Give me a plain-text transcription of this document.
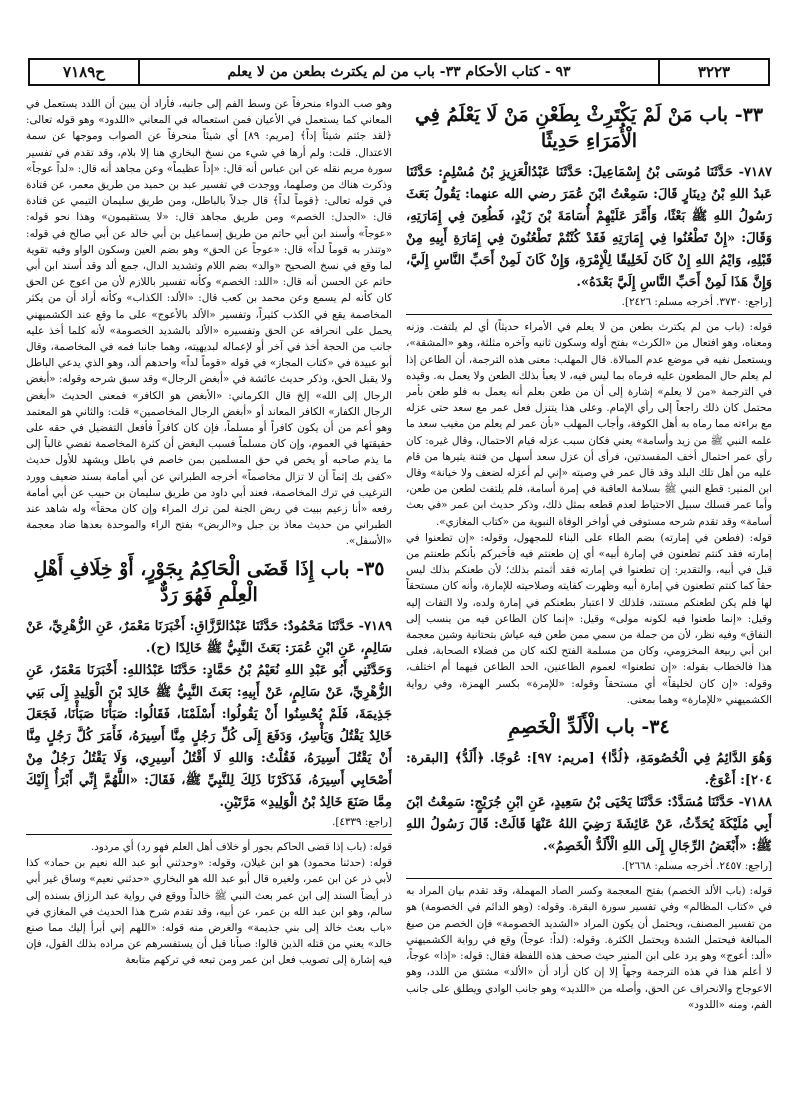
٣٢٢٣
٩٣ - كتاب الأحكام ٣٣- باب من لم يكترث بطعن من لا يعلم
ح٧١٨٩
٣٣- باب مَنْ لَمْ يَكْتَرِثْ بِطَعْنِ مَنْ لَا يَعْلَمُ فِي الْأُمَرَاءِ حَدِيثًا

٧١٨٧- حَدَّثَنَا مُوسَى بْنُ إِسْمَاعِيلَ: حَدَّثَنَا عَبْدُالْعَزِيزِ بْنُ مُسْلِمٍ: حَدَّثَنَا عَبدُ اللهِ بْنُ دِينَارٍ قَالَ: سَمِعْتُ ابْنَ عُمَرَ رضي الله عنهما: يَقُولُ بَعَثَ رَسُولُ اللهِ ﷺ بَعْثًا، وَأَمَّرَ عَلَيْهِمْ أُسَامَةَ بْنَ زَيْدٍ، فَطُعِنَ فِي إِمَارَتِهِ، وَقَالَ: «إِنْ تَطْعُنُوا فِي إِمَارَتِهِ فَقَدْ كُنْتُمْ تَطْعُنُونَ فِي إِمَارَةِ أَبِيهِ مِنْ قَبْلِهِ، وَايْمُ اللهِ إِنْ كَانَ لَخَلِيقًا لِلْإِمْرَةِ، وَإِنْ كَانَ لَمِنْ أَحَبِّ النَّاسِ إِلَيَّ، وَإِنَّ هَذَا لَمِنْ أَحَبِّ النَّاسِ إِلَيَّ بَعْدَهُ».

[راجع: ٣٧٣٠. أخرجه مسلم: ٢٤٢٦].

قوله: (باب من لم يكترث بطعن من لا يعلم في الأمراء حديثاً) أي لم يلتفت. وزنه ومعناه، وهو افتعال من «الكرث» بفتح أوله وسكون ثانيه وآخره مثلثة، وهو «المشقة»، ويستعمل نفيه في موضع عدم المبالاة. قال المهلب: معنى هذه الترجمة، أن الطاعن إذا لم يعلم حال المطعون عليه فرماه بما ليس فيه، لا يعبأ بذلك الطعن ولا يعمل به. وقيده في الترجمة «من لا يعلم» إشارة إلى أن من طعن بعلم أنه يعمل به فلو طعن بأمر محتمل كان ذلك راجعاً إلى رأي الإمام. وعلى هذا يتنزل فعل عمر مع سعد حتى عزله مع براءته مما رماه به أهل الكوفة، وأجاب المهلب «بأن عمر لم يعلم من مغيب سعد ما علمه النبي ﷺ من زيد وأسامة» يعني فكان سبب عزله قيام الاحتمال، وقال غيره: كان رأي عمر احتمال أخف المفسدتين، فرأى أن عزل سعد أسهل من فتنة يثيرها من قام عليه من أهل تلك البلد وقد قال عمر في وصيته «إني لم أعزله لضعف ولا خيانة» وقال ابن المنير: قطع النبي ﷺ بسلامة العاقبة في إمرة أسامة، فلم يلتفت لطعن من طعن، وأما عمر فسلك سبيل الاحتياط لعدم قطعه بمثل ذلك، وذكر حديث ابن عمر «في بعث أسامة» وقد تقدم شرحه مستوفى في أواخر الوفاة النبوية من «كتاب المغازي».

قوله: (فطعن في إمارته) بضم الطاء على البناء للمجهول، وقوله: «إن تطعنوا في إمارته فقد كنتم تطعنون في إمارة أبيه» أي إن طعنتم فيه فأخبركم بأنكم طعنتم من قبل في أبيه، والتقدير: إن تطعنوا في إمارته فقد أثمتم بذلك؛ لأن طعنكم بذلك ليس حقاً كما كنتم تطعنون في إمارة أبيه وظهرت كفايته وصلاحيته للإمارة، وأنه كان مستحقاً لها فلم يكن لطعنكم مستند، فلذلك لا اعتبار بطعنكم في إمارة ولده، ولا التفات إليه وقيل: «إنما طعنوا فيه لكونه مولى» وقيل: «إنما كان الطاعن فيه من ينسب إلى النفاق» وفيه نظر، لأن من جملة من سمي ممن طعن فيه عياش بتحتانية وشين معجمة ابن أبي ربيعة المخزومي، وكان من مسلمة الفتح لكنه كان من فضلاء الصحابة، فعلى هذا فالخطاب بقوله: «إن تطعنوا» لعموم الطاعنين، الحد الطاعن فيهما أم اختلف، وقوله: «إن كان لخليقاً» أي مستحقاً وقوله: «للإمرة» بكسر الهمزة، وفي رواية الكشميهني «للإمارة» وهما بمعنى.

٣٤- باب الْأَلَدِّ الْخَصِمِ

وَهُوَ الدَّائِمُ فِي الْخُصُومَةِ، ﴿لُدًّا﴾ [مريم: ٩٧]: عُوجًا. ﴿أَلَدُّ﴾ [البقرة: ٢٠٤]: أَعْوَجُ.

٧١٨٨- حَدَّثَنَا مُسَدَّدٌ: حَدَّثَنَا يَحْيَى بْنُ سَعِيدٍ، عَنِ ابْنِ جُرَيْجٍ: سَمِعْتُ ابْنَ أَبِي مُلَيْكَةَ يُحَدِّثُ، عَنْ عَائِشَةَ رَضِيَ اللهُ عَنْهَا قَالَتْ: قَالَ رَسُولُ اللهِ ﷺ: «أَبْغَضُ الرِّجَالِ إِلَى اللهِ الْأَلَدُّ الْخَصِمُ».

[راجع: ٢٤٥٧. أخرجه مسلم: ٢٦٦٨].

قوله: (باب الألد الخصم) بفتح المعجمة وكسر الصاد المهملة، وقد تقدم بيان المراد به في «كتاب المظالم» وفي تفسير سورة البقرة. وقوله: (وهو الدائم في الخصومة) هو من تفسير المصنف، ويحتمل أن يكون المراد «الشديد الخصومة» فإن الخصم من صيغ المبالغة فيحتمل الشدة ويحتمل الكثرة. وقوله: (لداً: عوجاً) وقع في رواية الكشميهني «ألد: أعوج» وهو يرد على ابن المنير حيث صحف هذه اللفظة فقال: قوله: «إذا» عوجاً، لا أعلم هذا في هذه الترجمة وجهاً إلا إن كان أراد أن «الألد» مشتق من اللدد، وهو الاعوجاج والانحراف عن الحق، وأصله من «اللديد» وهو جانب الوادي ويطلق على جانب الفم، ومنه «اللدود»

وهو صب الدواء منحرفاً عن وسط الفم إلى جانبه، فأراد أن يبين أن اللدد يستعمل في المعاني كما يستعمل في الأعيان فمن استعماله في المعاني «اللدود» وهو قوله تعالى: ﴿لقد جئتم شيئاً إداً﴾ [مريم: ٨٩] أي شيئاً منحرفاً عن الصواب وموجها عن سمة الاعتدال. قلت: ولم أرها في شيء من نسخ البخاري هنا إلا بلام، وقد تقدم في تفسير سورة مريم نقله عن ابن عباس أنه قال: «إداً عظيماً» وعن مجاهد أنه قال: «لداً عوجاً» وذكرت هناك من وصلهما، ووجدت في تفسير عبد بن حميد من طريق معمر، عن قتادة في قوله تعالى: ﴿قوماً لداً﴾ قال جدلاً بالباطل، ومن طريق سليمان التيمي عن قتادة قال: «الجدل: الخصم» ومن طريق مجاهد قال: «لا يستقيمون» وهذا نحو قوله: «عوجاً» وأسند ابن أبي حاتم من طريق إسماعيل بن أبي خالد عن أبي صالح في قوله: «وتنذر به قوماً لداً» قال: «عوجاً عن الحق» وهو بضم العين وسكون الواو وفيه تقوية لما وقع في نسخ الصحيح «والد» بضم اللام وتشديد الدال، جمع ألد وقد أسند ابن أبي حاتم عن الحسن أنه قال: «اللد: الخصم» وكأنه تفسير باللازم لأن من اعوج عن الحق كان كأنه لم يسمع وعن محمد بن كعب قال: «الألد: الكذاب» وكأنه أراد أن من يكثر المخاصمة يقع في الكذب كثيراً، وتفسير «الألد بالأعوج» على ما وقع عند الكشميهني يحمل على انحرافه عن الحق وتفسيره «الألد بالشديد الخصومة» لأنه كلما أخذ عليه جانب من الحجة أخذ في آخر أو لإعماله لبديهيته، وهما جانبا فمه في المخاصمة، وقال أبو عبيدة في «كتاب المجاز» في قوله «قوماً لداً» واحدهم ألد، وهو الذي يدعي الباطل ولا يقبل الحق، وذكر حديث عائشة في «أبغض الرجال» وقد سبق شرحه وقوله: «أبغض الرجال إلى الله» إلخ قال الكرماني: «الأبغض هو الكافر» فمعنى الحديث «أبغض الرجال الكفار» الكافر المعاند أو «أبغض الرجال المخاصمين» قلت: والثاني هو المعتمد وهو أعم من أن يكون كافراً أو مسلماً، فإن كان كافراً فأفعل التفضيل في حقه على حقيقتها في العموم، وإن كان مسلماً فسبب البغض أن كثرة المخاصمة تفضي غالباً إلى ما يذم صاحبه أو يخص في حق المسلمين بمن خاصم في باطل ويشهد للأول حديث «كفى بك إثماً أن لا تزال مخاصماً» أخرجه الطبراني عن أبي أمامة بسند ضعيف وورد الترغيب في ترك المخاصمة، فعند أبي داود من طريق سليمان بن حبيب عن أبي أمامة رفعه «أنا زعيم ببيت في ربض الجنة لمن ترك المراء وإن كان محقاً» وله شاهد عند الطبراني من حديث معاذ بن جبل و«الربض» بفتح الراء والموحدة بعدها ضاد معجمة «الأسفل».

٣٥- باب إِذَا قَضَى الْحَاكِمُ بِجَوْرٍ، أَوْ خِلَافِ أَهْلِ الْعِلْمِ فَهُوَ رَدٌّ

٧١٨٩- حَدَّثَنَا مَحْمُودٌ: حَدَّثَنَا عَبْدُالرَّزَّاقِ: أَخْبَرَنَا مَعْمَرٌ، عَنِ الزُّهْرِيِّ، عَنْ سَالِمٍ، عَنِ ابْنِ عُمَرَ: بَعَثَ النَّبِيُّ ﷺ خَالِدًا (ح).

وَحَدَّثَنِي أَبُو عَبْدِ اللهِ نُعَيْمُ بْنُ حَمَّادٍ: حَدَّثَنَا عَبْدُاللهِ: أَخْبَرَنَا مَعْمَرٌ، عَنِ الزُّهْرِيِّ، عَنْ سَالِمٍ، عَنْ أَبِيهِ: بَعَثَ النَّبِيُّ ﷺ خَالِدَ بْنَ الْوَلِيدِ إِلَى بَنِي جَذِيمَةَ، فَلَمْ يُحْسِنُوا أَنْ يَقُولُوا: أَسْلَمْنَا، فَقَالُوا: صَبَأْنَا صَبَأْنَا، فَجَعَلَ خَالِدٌ يَقْتُلُ وَيَأْسِرُ، وَدَفَعَ إِلَى كُلِّ رَجُلٍ مِنَّا أَسِيرَهُ، فَأَمَرَ كُلَّ رَجُلٍ مِنَّا أَنْ يَقْتُلَ أَسِيرَهُ، فَقُلْتُ: وَاللهِ لَا أَقْتُلُ أَسِيرِي، وَلَا يَقْتُلُ رَجُلٌ مِنْ أَصْحَابِي أَسِيرَهُ، فَذَكَرْنَا ذَلِكَ لِلنَّبِيِّ ﷺ، فَقَالَ: «اللَّهُمَّ إِنِّي أَبْرَأُ إِلَيْكَ مِمَّا صَنَعَ خَالِدُ بْنُ الْوَلِيدِ» مَرَّتَيْنِ.

[راجع: ٤٣٣٩].

قوله: (باب إذا قضى الحاكم بجور أو خلاف أهل العلم فهو رد) أي مردود.

قوله: (حدثنا محمود) هو ابن غيلان، وقوله: «وحدثني أبو عبد الله نعيم بن حماد» كذا لأبي ذر عن ابن عمر، ولغيره قال أبو عبد الله هو البخاري «حدثني نعيم» وساق غير أبي ذر أيضاً السند إلى ابن عمر بعث النبي ﷺ خالداً ووقع في رواية عبد الرزاق بسنده إلى سالم، وهو ابن عبد الله بن عمر، عن أبيه، وقد تقدم شرح هذا الحديث في المغازي في «باب بعث خالد إلى بني جذيمة» والغرض منه قوله: «اللهم إني أبرأ إليك مما صنع خالد» يعني من قتله الذين قالوا: صبأنا قبل أن يستفسرهم عن مراده بذلك القول، فإن فيه إشارة إلى تصويب فعل ابن عمر ومن تبعه في تركهم متابعة
